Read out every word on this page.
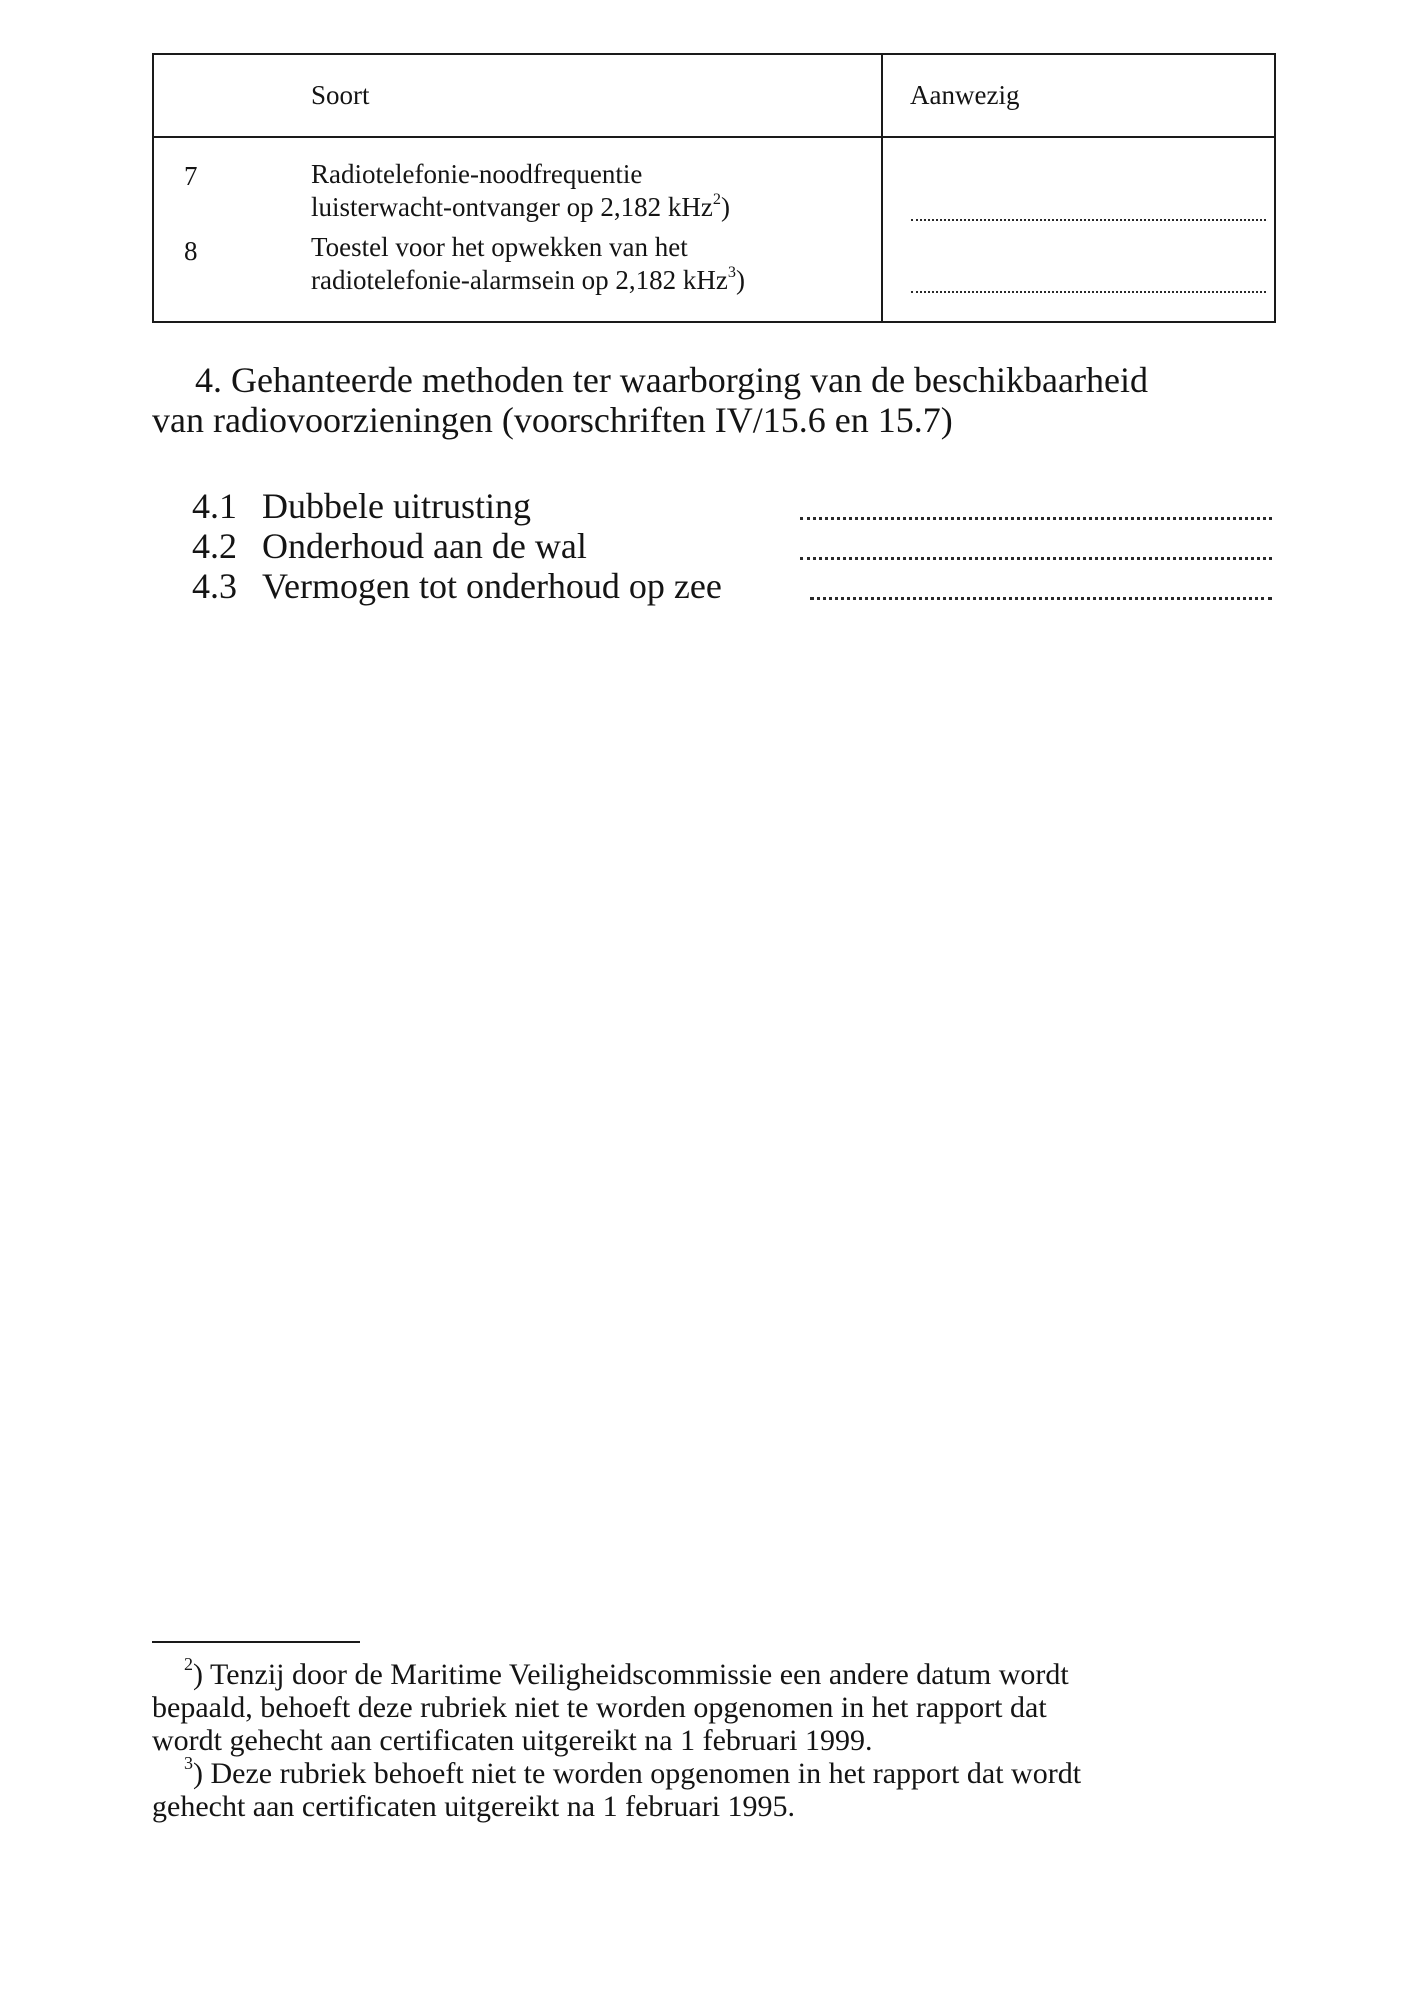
Soort	Aanwezig
7	Radiotelefonie-noodfrequentie
luisterwacht-ontvanger op 2,182 kHz$^2$)
8	Toestel voor het opwekken van het
radiotelefonie-alarmsein op 2,182 kHz$^3$)
4. Gehanteerde methoden ter waarborging van de beschikbaarheid
van radiovoorzieningen (voorschriften IV/15.6 en 15.7)
4.1 Dubbele uitrusting
4.2 Onderhoud aan de wal
4.3 Vermogen tot onderhoud op zee
$^2$) Tenzij door de Maritime Veiligheidscommissie een andere datum wordt
bepaald, behoeft deze rubriek niet te worden opgenomen in het rapport dat
wordt gehecht aan certificaten uitgereikt na 1 februari 1999.
$^3$) Deze rubriek behoeft niet te worden opgenomen in het rapport dat wordt
gehecht aan certificaten uitgereikt na 1 februari 1995.
